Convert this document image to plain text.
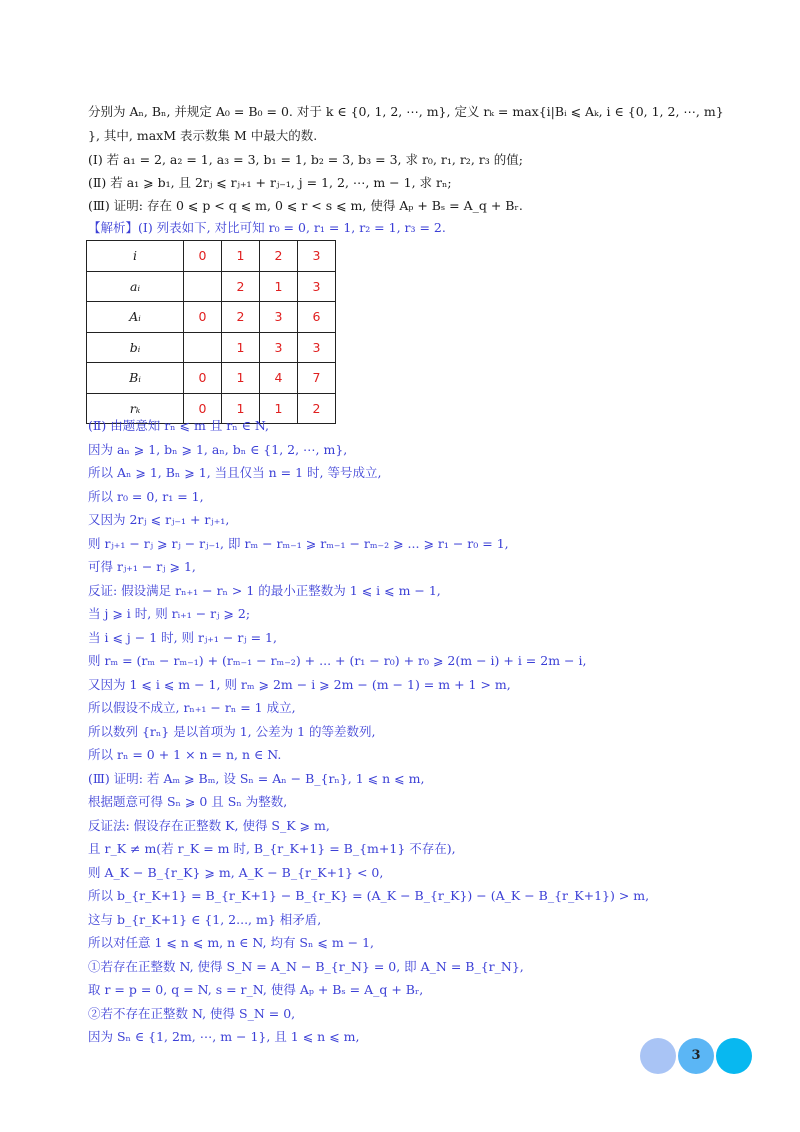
分别为 Aₙ, Bₙ, 并规定 A₀ = B₀ = 0. 对于 k ∈ {0, 1, 2, ⋯, m}, 定义 rₖ = max{i|Bᵢ ⩽ Aₖ, i ∈ {0, 1, 2, ⋯, m}
}, 其中, maxM 表示数集 M 中最大的数.
(Ⅰ) 若 a₁ = 2, a₂ = 1, a₃ = 3, b₁ = 1, b₂ = 3, b₃ = 3, 求 r₀, r₁, r₂, r₃ 的值;
(Ⅱ) 若 a₁ ⩾ b₁, 且 2rⱼ ⩽ rⱼ₊₁ + rⱼ₋₁, j = 1, 2, ⋯, m − 1, 求 rₙ;
(Ⅲ) 证明: 存在 0 ⩽ p < q ⩽ m, 0 ⩽ r < s ⩽ m, 使得 Aₚ + Bₛ = A_q + Bᵣ.
【解析】(Ⅰ) 列表如下, 对比可知 r₀ = 0, r₁ = 1, r₂ = 1, r₃ = 2.
i	0	1	2	3
aᵢ		2	1	3
Aᵢ	0	2	3	6
bᵢ		1	3	3
Bᵢ	0	1	4	7
rₖ	0	1	1	2
(Ⅱ) 由题意知 rₙ ⩽ m 且 rₙ ∈ N,
因为 aₙ ⩾ 1, bₙ ⩾ 1, aₙ, bₙ ∈ {1, 2, ⋯, m},
所以 Aₙ ⩾ 1, Bₙ ⩾ 1, 当且仅当 n = 1 时, 等号成立,
所以 r₀ = 0, r₁ = 1,
又因为 2rⱼ ⩽ rⱼ₋₁ + rⱼ₊₁,
则 rⱼ₊₁ − rⱼ ⩾ rⱼ − rⱼ₋₁, 即 rₘ − rₘ₋₁ ⩾ rₘ₋₁ − rₘ₋₂ ⩾ ... ⩾ r₁ − r₀ = 1,
可得 rⱼ₊₁ − rⱼ ⩾ 1,
反证: 假设满足 rₙ₊₁ − rₙ > 1 的最小正整数为 1 ⩽ i ⩽ m − 1,
当 j ⩾ i 时, 则 rᵢ₊₁ − rⱼ ⩾ 2;
当 i ⩽ j − 1 时, 则 rⱼ₊₁ − rⱼ = 1,
则 rₘ = (rₘ − rₘ₋₁) + (rₘ₋₁ − rₘ₋₂) + ... + (r₁ − r₀) + r₀ ⩾ 2(m − i) + i = 2m − i,
又因为 1 ⩽ i ⩽ m − 1, 则 rₘ ⩾ 2m − i ⩾ 2m − (m − 1) = m + 1 > m,
所以假设不成立, rₙ₊₁ − rₙ = 1 成立,
所以数列 {rₙ} 是以首项为 1, 公差为 1 的等差数列,
所以 rₙ = 0 + 1 × n = n, n ∈ N.
(Ⅲ) 证明: 若 Aₘ ⩾ Bₘ, 设 Sₙ = Aₙ − B_{rₙ}, 1 ⩽ n ⩽ m,
根据题意可得 Sₙ ⩾ 0 且 Sₙ 为整数,
反证法: 假设存在正整数 K, 使得 S_K ⩾ m,
且 r_K ≠ m(若 r_K = m 时, B_{r_K+1} = B_{m+1} 不存在),
则 A_K − B_{r_K} ⩾ m, A_K − B_{r_K+1} < 0,
所以 b_{r_K+1} = B_{r_K+1} − B_{r_K} = (A_K − B_{r_K}) − (A_K − B_{r_K+1}) > m,
这与 b_{r_K+1} ∈ {1, 2..., m} 相矛盾,
所以对任意 1 ⩽ n ⩽ m, n ∈ N, 均有 Sₙ ⩽ m − 1,
①若存在正整数 N, 使得 S_N = A_N − B_{r_N} = 0, 即 A_N = B_{r_N},
取 r = p = 0, q = N, s = r_N, 使得 Aₚ + Bₛ = A_q + Bᵣ,
②若不存在正整数 N, 使得 S_N = 0,
因为 Sₙ ∈ {1, 2m, ⋯, m − 1}, 且 1 ⩽ n ⩽ m,
3
